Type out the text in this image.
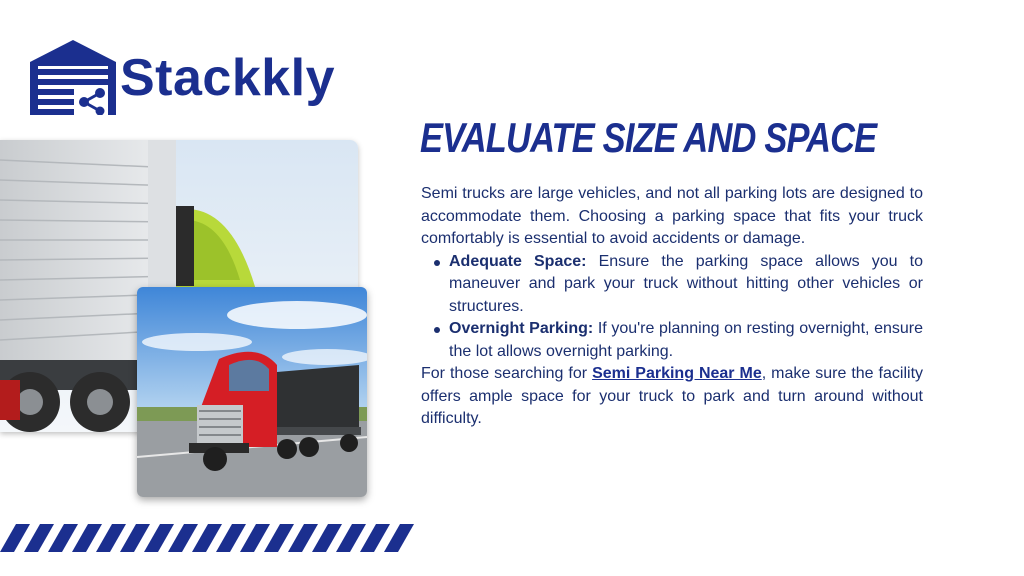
Stackkly
EVALUATE SIZE AND SPACE

Semi trucks are large vehicles, and not all parking lots are designed to accommodate them. Choosing a parking space that fits your truck comfortably is essential to avoid accidents or damage.

Adequate Space: Ensure the parking space allows you to maneuver and park your truck without hitting other vehicles or structures.
Overnight Parking: If you're planning on resting overnight, ensure the lot allows overnight parking.

For those searching for Semi Parking Near Me, make sure the facility offers ample space for your truck to park and turn around without difficulty.
